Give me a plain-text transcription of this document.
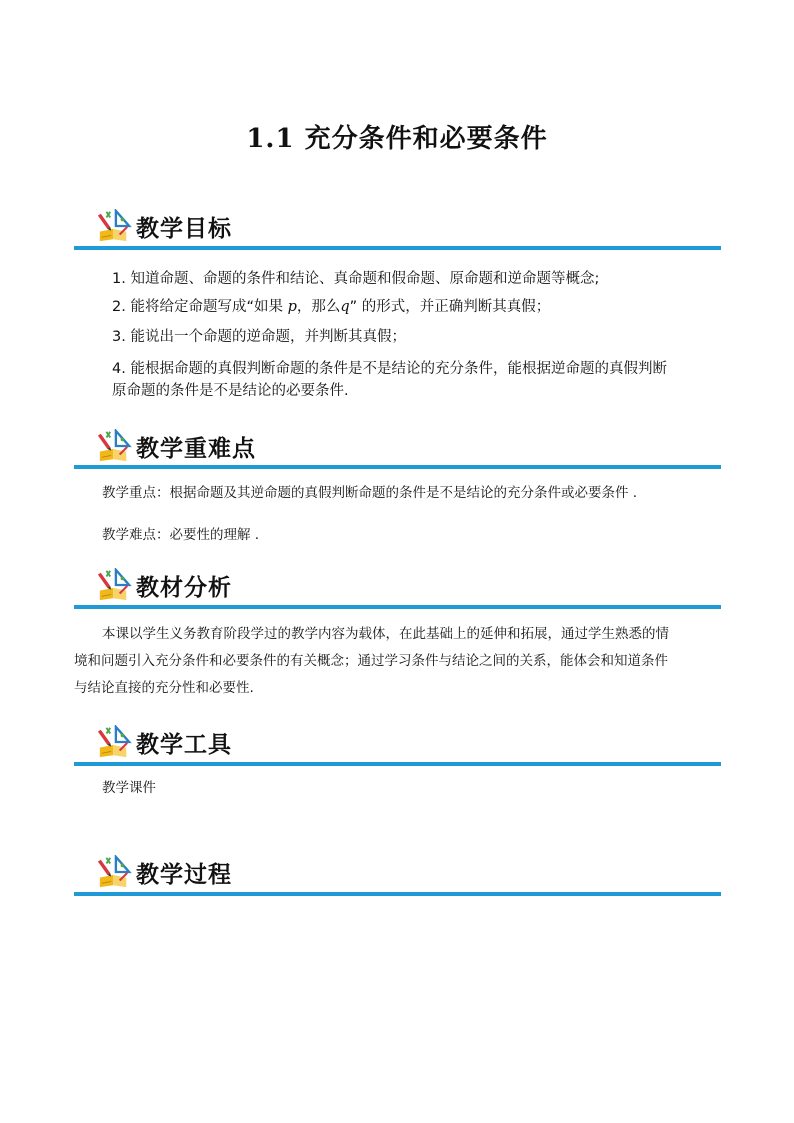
1.1 充分条件和必要条件
教学目标
1. 知道命题、命题的条件和结论、真命题和假命题、原命题和逆命题等概念;
2. 能将给定命题写成“如果 p，那么q” 的形式，并正确判断其真假；
3. 能说出一个命题的逆命题，并判断其真假；
4. 能根据命题的真假判断命题的条件是不是结论的充分条件，能根据逆命题的真假判断
原命题的条件是不是结论的必要条件.
教学重难点
教学重点：根据命题及其逆命题的真假判断命题的条件是不是结论的充分条件或必要条件 .
教学难点：必要性的理解 .
教材分析
本课以学生义务教育阶段学过的教学内容为载体，在此基础上的延伸和拓展，通过学生熟悉的情
境和问题引入充分条件和必要条件的有关概念；通过学习条件与结论之间的关系，能体会和知道条件
与结论直接的充分性和必要性.
教学工具
教学课件
教学过程
